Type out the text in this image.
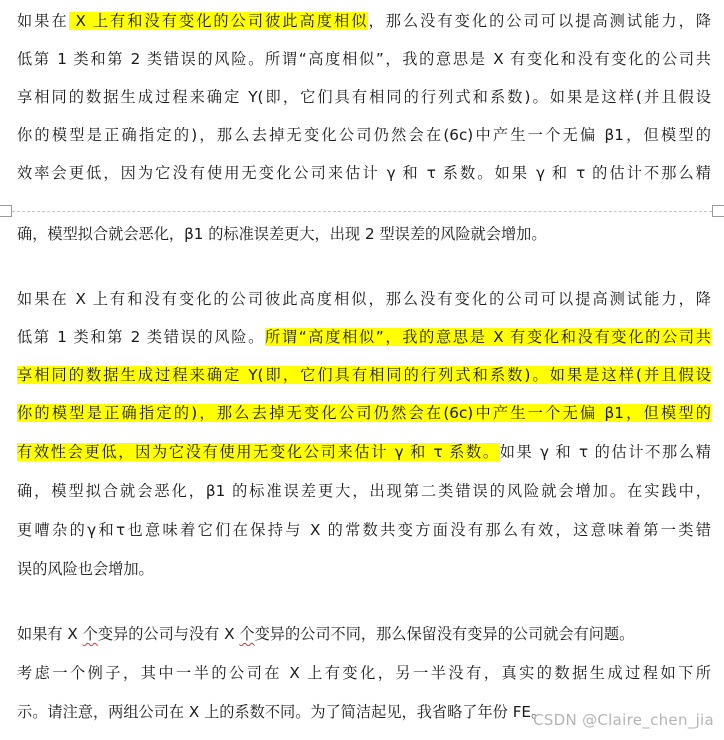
如果在 X 上有和没有变化的公司彼此高度相似，那么没有变化的公司可以提高测试能力，降
低第 1 类和第 2 类错误的风险。所谓“高度相似”，我的意思是 X 有变化和没有变化的公司共
享相同的数据生成过程来确定 Y(即，它们具有相同的行列式和系数)。如果是这样(并且假设
你的模型是正确指定的)，那么去掉无变化公司仍然会在(6c)中产生一个无偏 β1，但模型的
效率会更低，因为它没有使用无变化公司来估计 γ 和 τ 系数。如果 γ 和 τ 的估计不那么精
确，模型拟合就会恶化，β1 的标准误差更大，出现 2 型误差的风险就会增加。
如果在 X 上有和没有变化的公司彼此高度相似，那么没有变化的公司可以提高测试能力，降
低第 1 类和第 2 类错误的风险。所谓“高度相似”，我的意思是 X 有变化和没有变化的公司共
享相同的数据生成过程来确定 Y(即，它们具有相同的行列式和系数)。如果是这样(并且假设
你的模型是正确指定的)，那么去掉无变化公司仍然会在(6c)中产生一个无偏 β1，但模型的
有效性会更低，因为它没有使用无变化公司来估计 γ 和 τ 系数。如果 γ 和 τ 的估计不那么精
确，模型拟合就会恶化，β1 的标准误差更大，出现第二类错误的风险就会增加。在实践中，
更嘈杂的γ和τ也意味着它们在保持与 X 的常数共变方面没有那么有效，这意味着第一类错
误的风险也会增加。
如果有 X 个变异的公司与没有 X 个变异的公司不同，那么保留没有变异的公司就会有问题。
考虑一个例子，其中一半的公司在 X 上有变化，另一半没有，真实的数据生成过程如下所
示。请注意，两组公司在 X 上的系数不同。为了简洁起见，我省略了年份 FE。
CSDN @Claire_chen_jia
